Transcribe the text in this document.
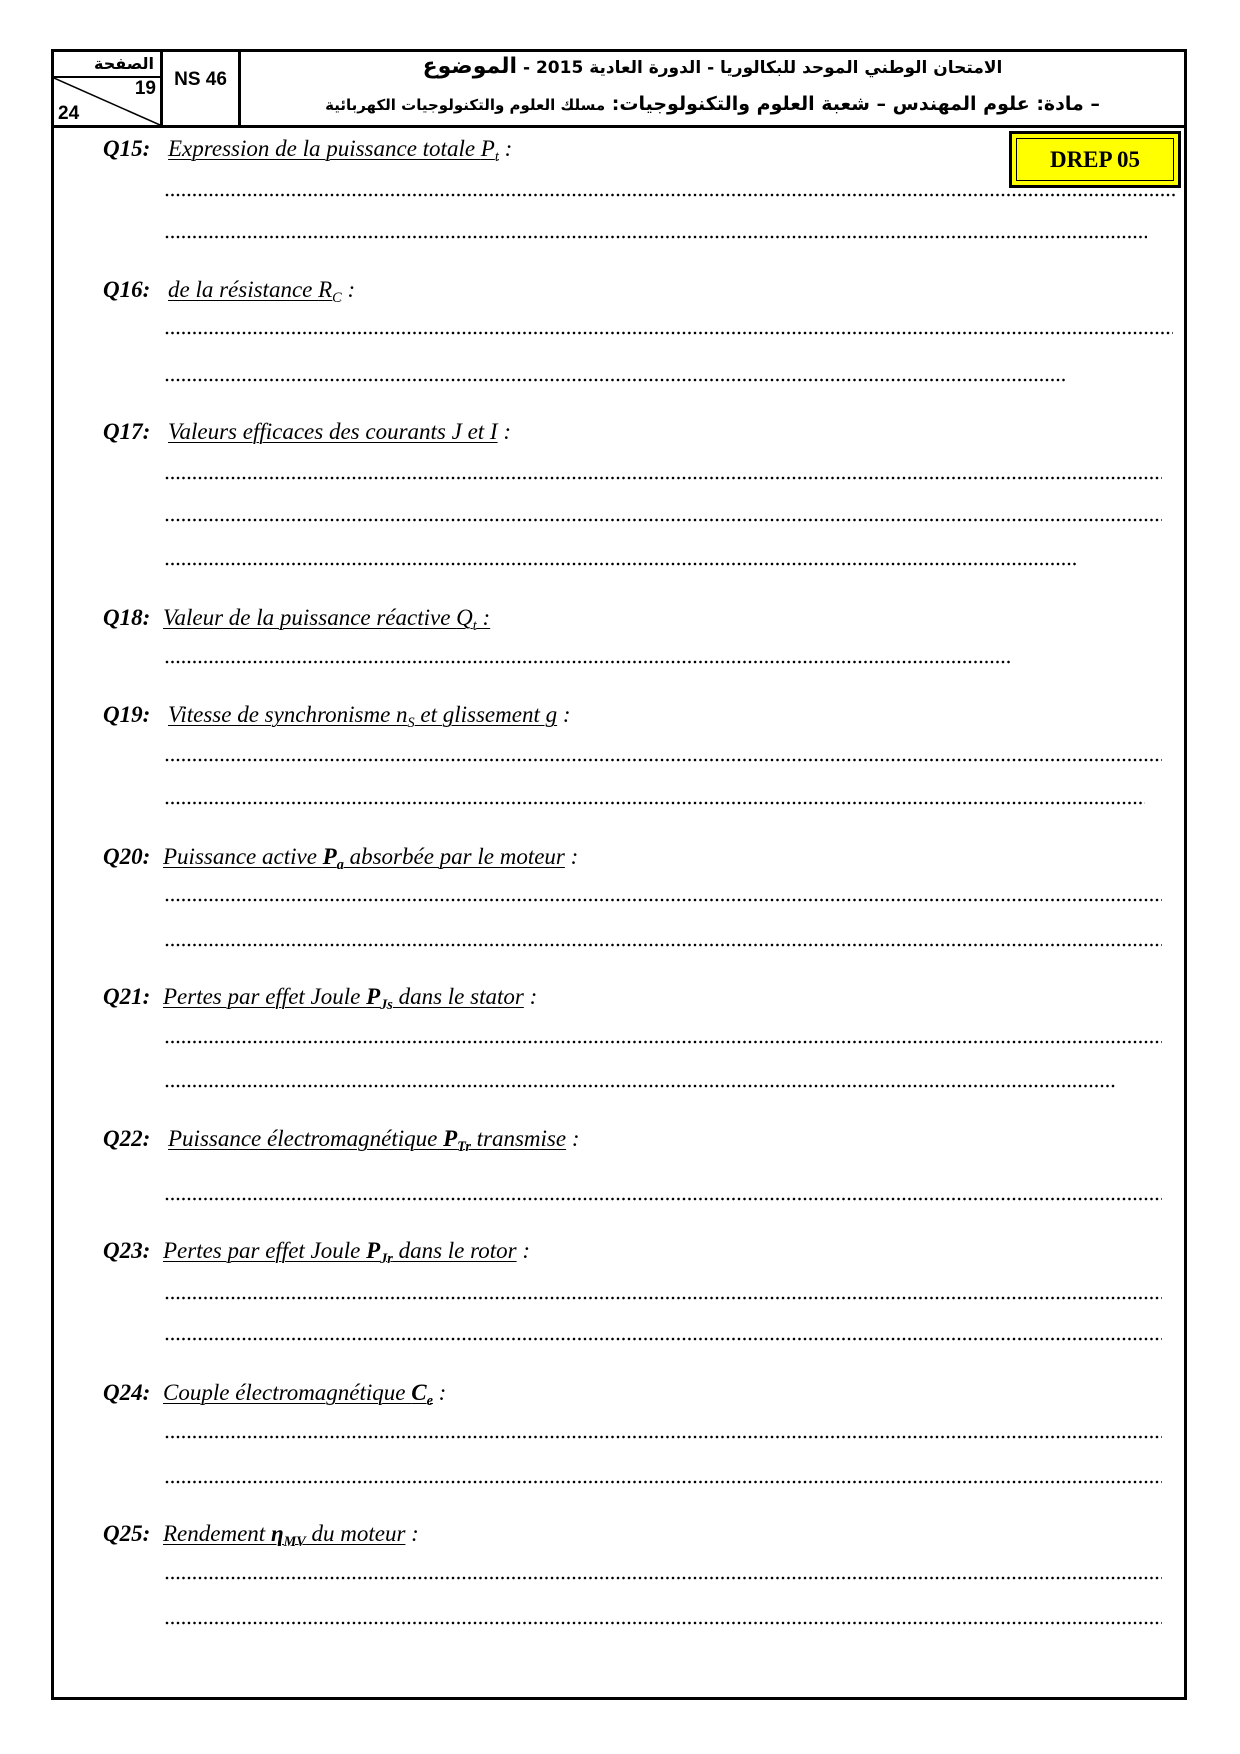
الصفحة
19
24
NS 46
الامتحان الوطني الموحد للبكالوريا - الدورة العادية 2015 - الموضوع
– مادة: علوم المهندس – شعبة العلوم والتكنولوجيات: مسلك العلوم والتكنولوجيات الكهربائية
DREP 05
Q15: Expression de la puissance totale $P_t$ :
Q16: de la résistance $R_C$ :
Q17: Valeurs efficaces des courants J et I :
Q18: Valeur de la puissance réactive $Q_t$ :
Q19: Vitesse de synchronisme $n_S$ et glissement g :
Q20: Puissance active $P_a$ absorbée par le moteur :
Q21: Pertes par effet Joule $P_{Js}$ dans le stator :
Q22: Puissance électromagnétique $P_{Tr}$ transmise :
Q23: Pertes par effet Joule $P_{Jr}$ dans le rotor :
Q24: Couple électromagnétique $C_e$ :
Q25: Rendement $\eta_{MV}$ du moteur :
